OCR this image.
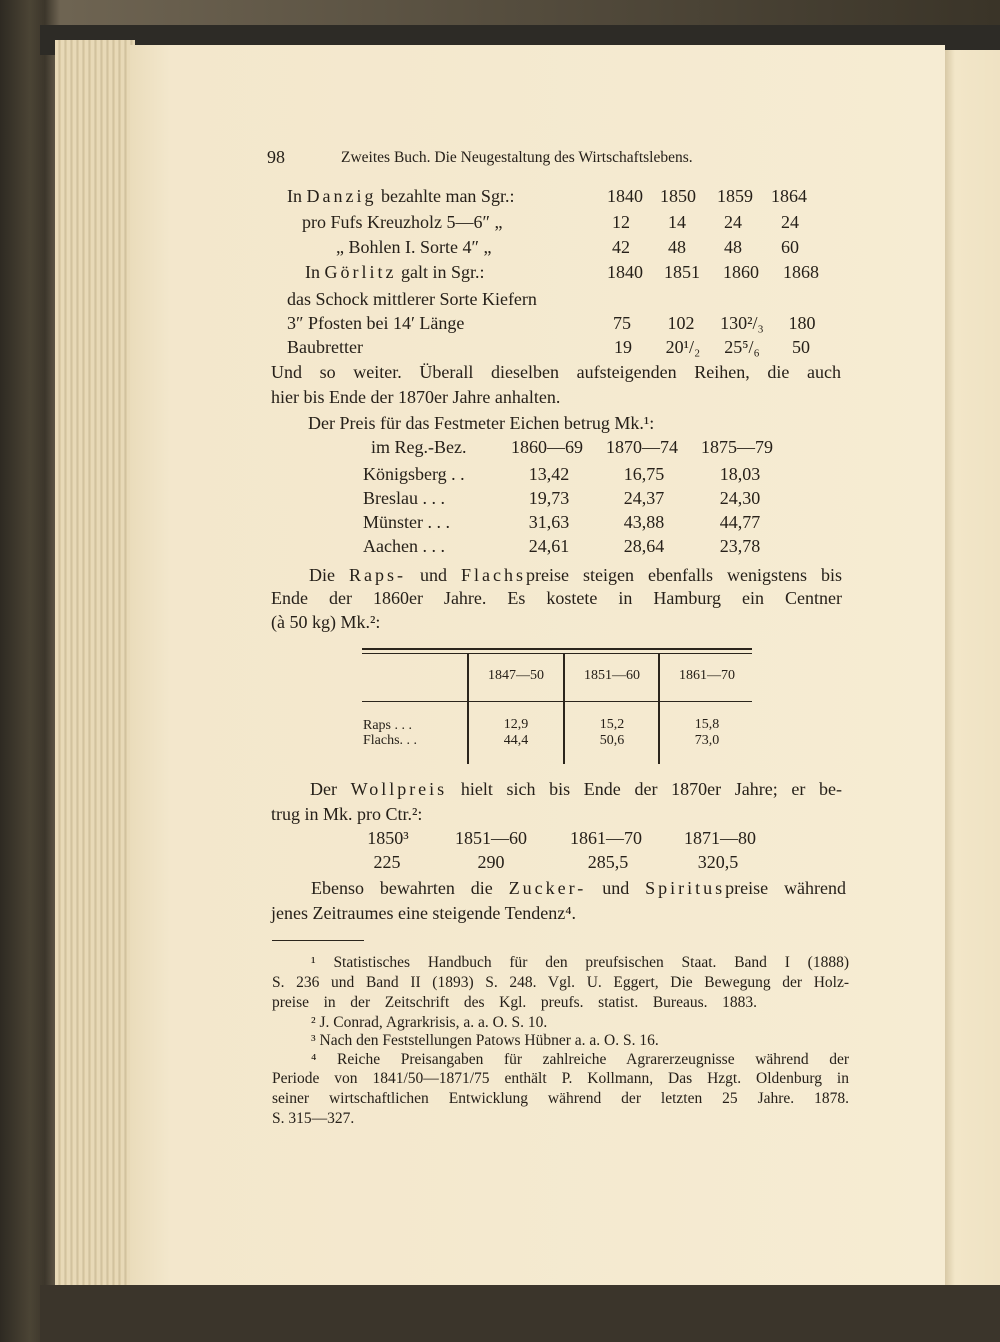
98	Zweites Buch. Die Neugestaltung des Wirtschaftslebens.
In Danzig bezahlte man Sgr.:	1840 1850 1859 1864
pro Fufs Kreuzholz 5—6″ „	12 14 24 24
„ Bohlen I. Sorte 4″ „	42 48 48 60
In Görlitz galt in Sgr.:	1840 1851 1860 1868
das Schock mittlerer Sorte Kiefern
3″ Pfosten bei 14′ Länge	75 102 130²/₃ 180
Baubretter	19 20¹/₂ 25⁵/₆ 50
Und so weiter. Überall dieselben aufsteigenden Reihen, die auch
hier bis Ende der 1870er Jahre anhalten.
Der Preis für das Festmeter Eichen betrug Mk.¹:
im Reg.-Bez. 1860—69 1870—74 1875—79
Königsberg . .	13,42	16,75	18,03
Breslau . . .	19,73	24,37	24,30
Münster . . .	31,63	43,88	44,77
Aachen . . .	24,61	28,64	23,78
Die Raps- und Flachspreise steigen ebenfalls wenigstens bis
Ende der 1860er Jahre. Es kostete in Hamburg ein Centner
(à 50 kg) Mk.²:
1847—50	1851—60	1861—70
Raps . . .	12,9	15,2	15,8
Flachs. . .	44,4	50,6	73,0
Der Wollpreis hielt sich bis Ende der 1870er Jahre; er be-
trug in Mk. pro Ctr.²:
1850³	1851—60 1861—70 1871—80
225	290	285,5	320,5
Ebenso bewahrten die Zucker- und Spirituspreise während
jenes Zeitraumes eine steigende Tendenz⁴.
¹ Statistisches Handbuch für den preufsischen Staat. Band I (1888)
S. 236 und Band II (1893) S. 248. Vgl. U. Eggert, Die Bewegung der Holz-
preise in der Zeitschrift des Kgl. preufs. statist. Bureaus. 1883.
² J. Conrad, Agrarkrisis, a. a. O. S. 10.
³ Nach den Feststellungen Patows Hübner a. a. O. S. 16.
⁴ Reiche Preisangaben für zahlreiche Agrarerzeugnisse während der
Periode von 1841/50—1871/75 enthält P. Kollmann, Das Hzgt. Oldenburg in
seiner wirtschaftlichen Entwicklung während der letzten 25 Jahre. 1878.
S. 315—327.
